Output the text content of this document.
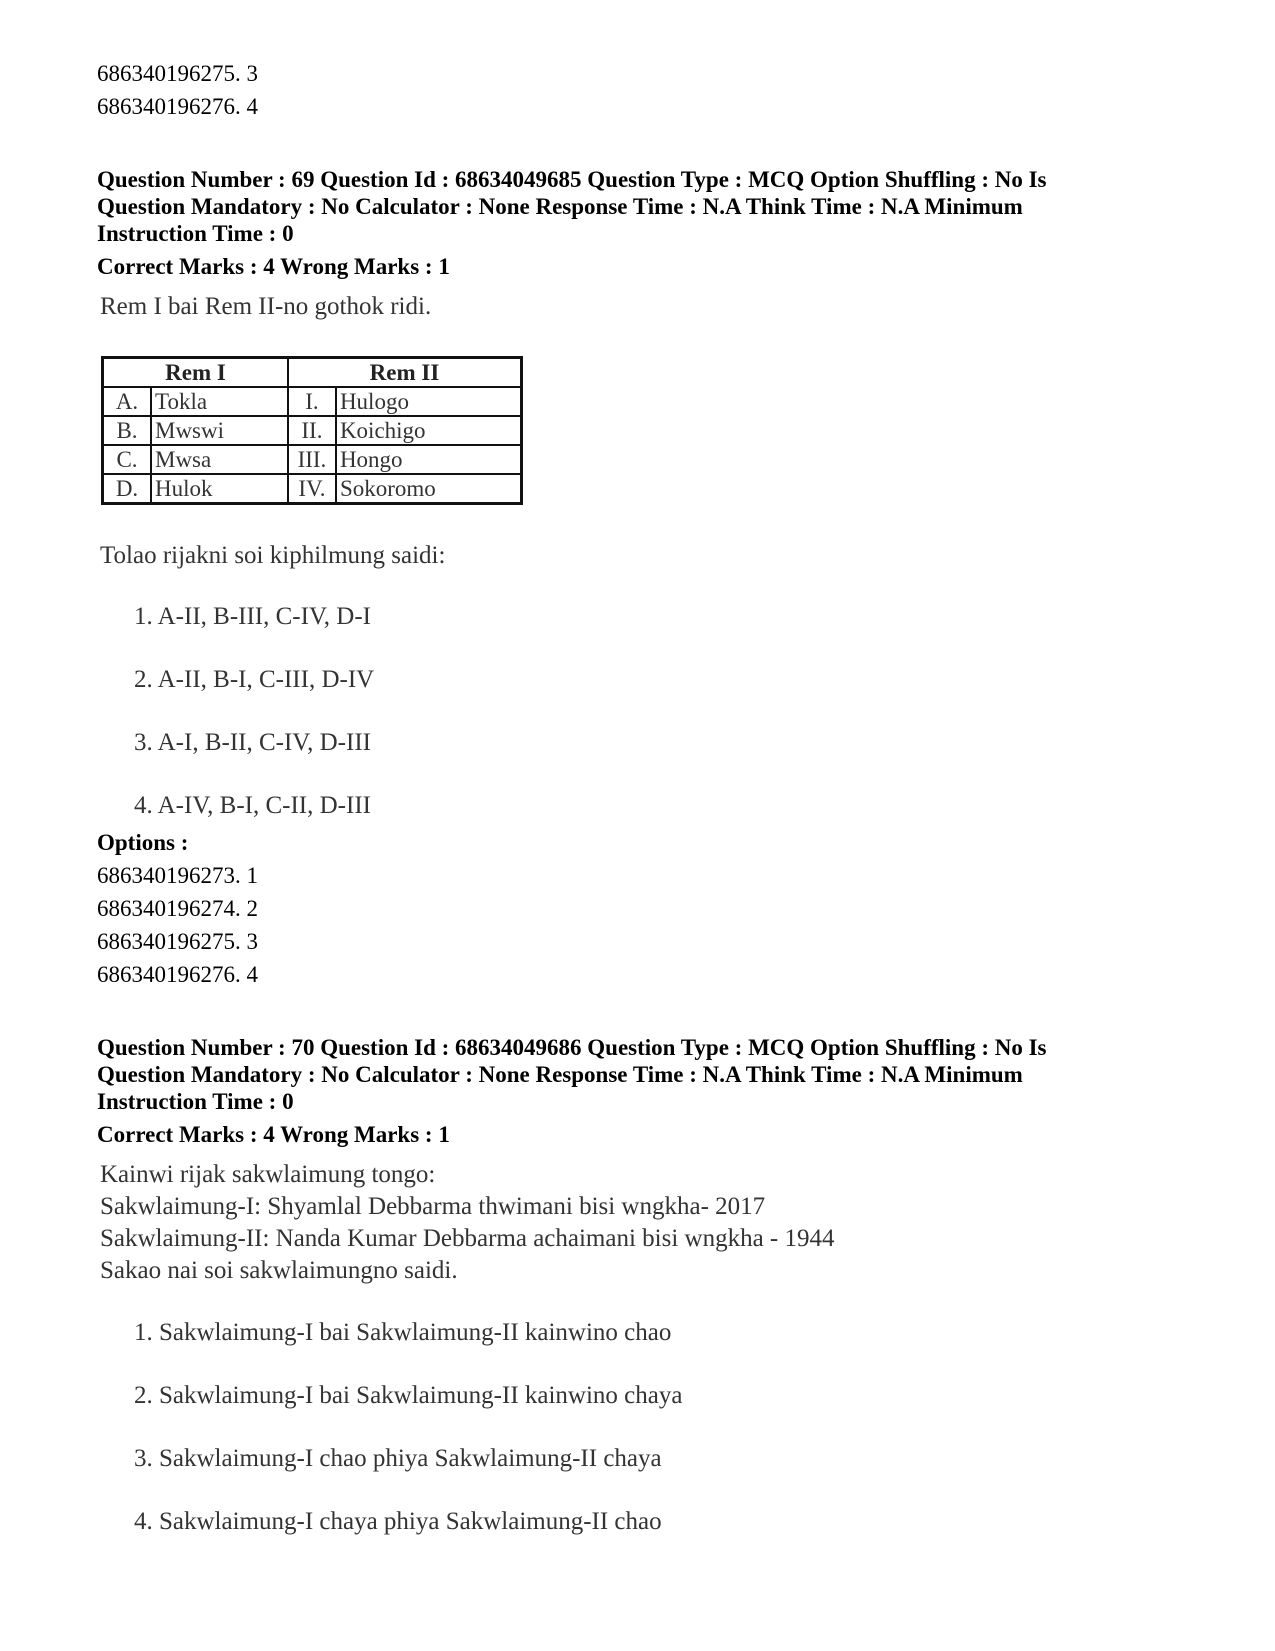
686340196275. 3
686340196276. 4
Question Number : 69 Question Id : 68634049685 Question Type : MCQ Option Shuffling : No Is
Question Mandatory : No Calculator : None Response Time : N.A Think Time : N.A Minimum
Instruction Time : 0
Correct Marks : 4 Wrong Marks : 1
Rem I bai Rem II-no gothok ridi.
Rem I		Rem II	
A.	Tokla	I.	Hulogo
B.	Mwswi	II.	Koichigo
C.	Mwsa	III.	Hongo
D.	Hulok	IV.	Sokoromo
Tolao rijakni soi kiphilmung saidi:
1. A-II, B-III, C-IV, D-I
2. A-II, B-I, C-III, D-IV
3. A-I, B-II, C-IV, D-III
4. A-IV, B-I, C-II, D-III
Options :
686340196273. 1
686340196274. 2
686340196275. 3
686340196276. 4
Question Number : 70 Question Id : 68634049686 Question Type : MCQ Option Shuffling : No Is
Question Mandatory : No Calculator : None Response Time : N.A Think Time : N.A Minimum
Instruction Time : 0
Correct Marks : 4 Wrong Marks : 1
Kainwi rijak sakwlaimung tongo:
Sakwlaimung-I: Shyamlal Debbarma thwimani bisi wngkha- 2017
Sakwlaimung-II: Nanda Kumar Debbarma achaimani bisi wngkha - 1944
Sakao nai soi sakwlaimungno saidi.
1. Sakwlaimung-I bai Sakwlaimung-II kainwino chao
2. Sakwlaimung-I bai Sakwlaimung-II kainwino chaya
3. Sakwlaimung-I chao phiya Sakwlaimung-II chaya
4. Sakwlaimung-I chaya phiya Sakwlaimung-II chao
